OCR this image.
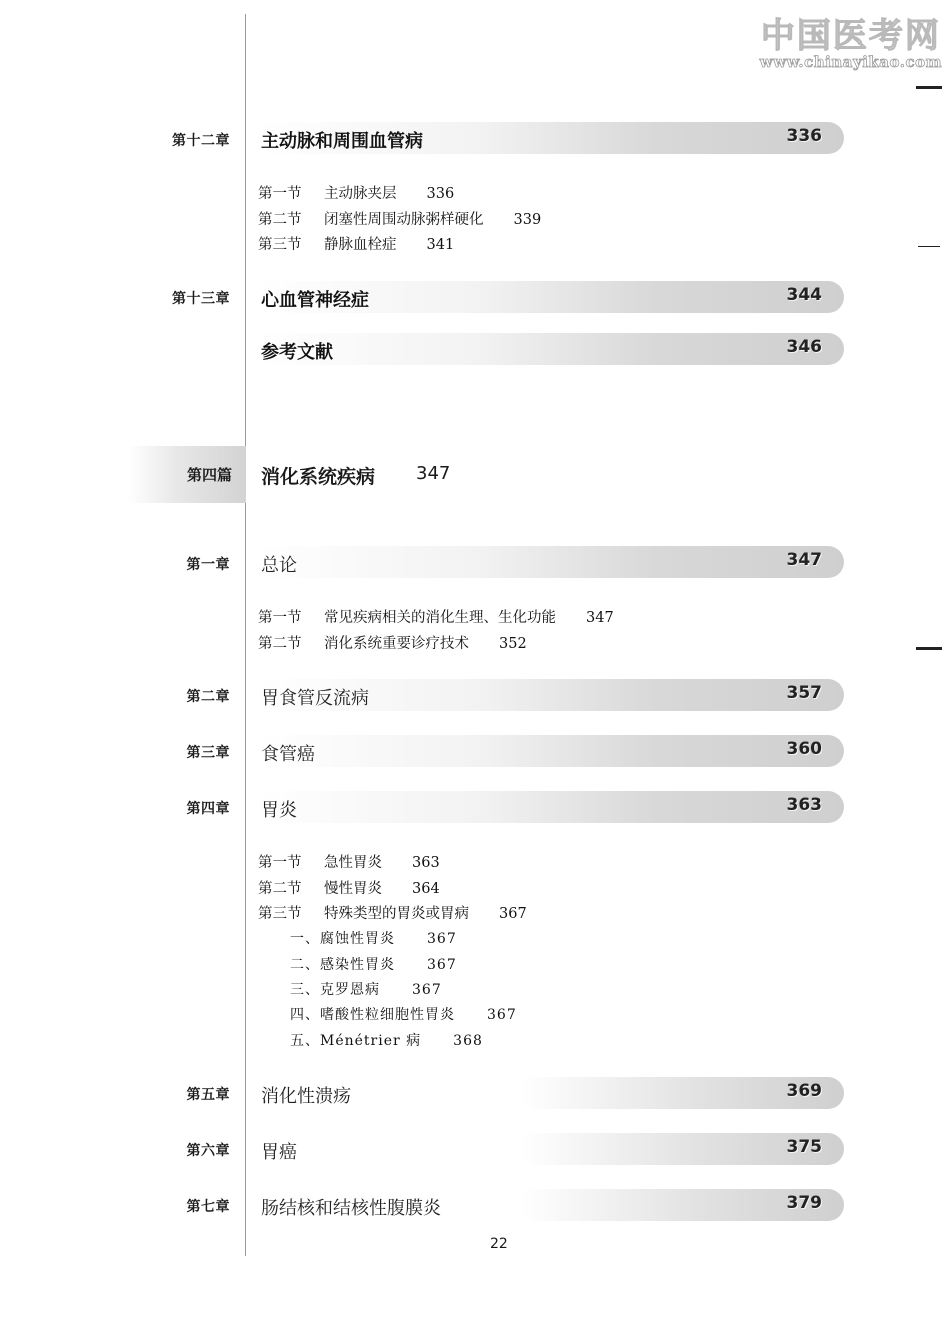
中国医考网
www.chinayikao.com
第十二章 主动脉和周围血管病	336
第一节 主动脉夹层 336
第二节 闭塞性周围动脉粥样硬化 339
第三节 静脉血栓症 341
第十三章 心血管神经症	344
参考文献	346
第四篇 消化系统疾病 347
第一章 总论	347
第一节 常见疾病相关的消化生理、生化功能 347
第二节 消化系统重要诊疗技术 352
第二章 胃食管反流病	357
第三章 食管癌	360
第四章 胃炎	363
第一节 急性胃炎 363
第二节 慢性胃炎 364
第三节 特殊类型的胃炎或胃病 367
一、腐蚀性胃炎 367
二、感染性胃炎 367
三、克罗恩病 367
四、嗜酸性粒细胞性胃炎 367
五、Ménétrier 病 368
第五章 消化性溃疡	369
第六章 胃癌	375
第七章 肠结核和结核性腹膜炎	379
22
